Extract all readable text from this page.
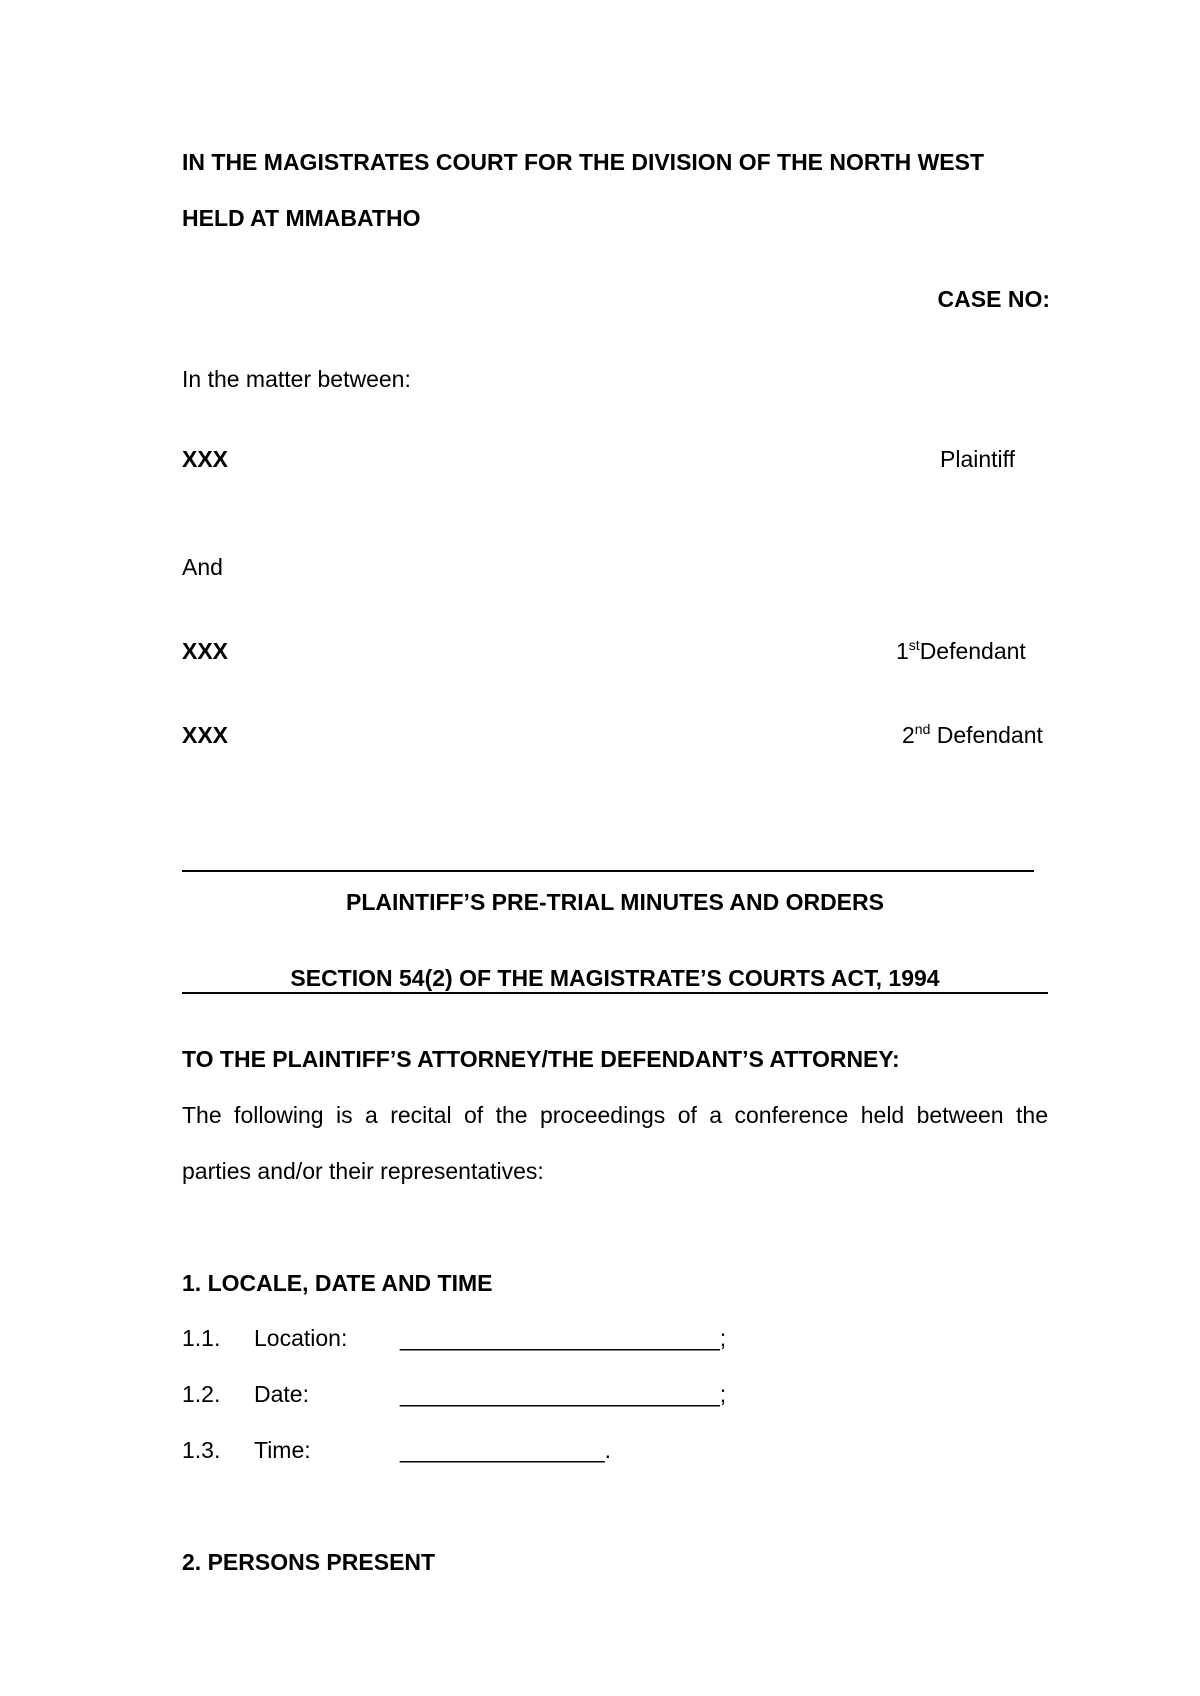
IN THE MAGISTRATES COURT FOR THE DIVISION OF THE NORTH WEST
HELD AT MMABATHO
CASE NO:
In the matter between:
XXX	Plaintiff
And
XXX	1stDefendant
XXX	2nd Defendant
PLAINTIFF’S PRE-TRIAL MINUTES AND ORDERS
SECTION 54(2) OF THE MAGISTRATE’S COURTS ACT, 1994
TO THE PLAINTIFF’S ATTORNEY/THE DEFENDANT’S ATTORNEY:
The following is a recital of the proceedings of a conference held between the
parties and/or their representatives:
1. LOCALE, DATE AND TIME
1.1. Location: _________________________;
1.2. Date:	_________________________;
1.3. Time:	________________.
2. PERSONS PRESENT
